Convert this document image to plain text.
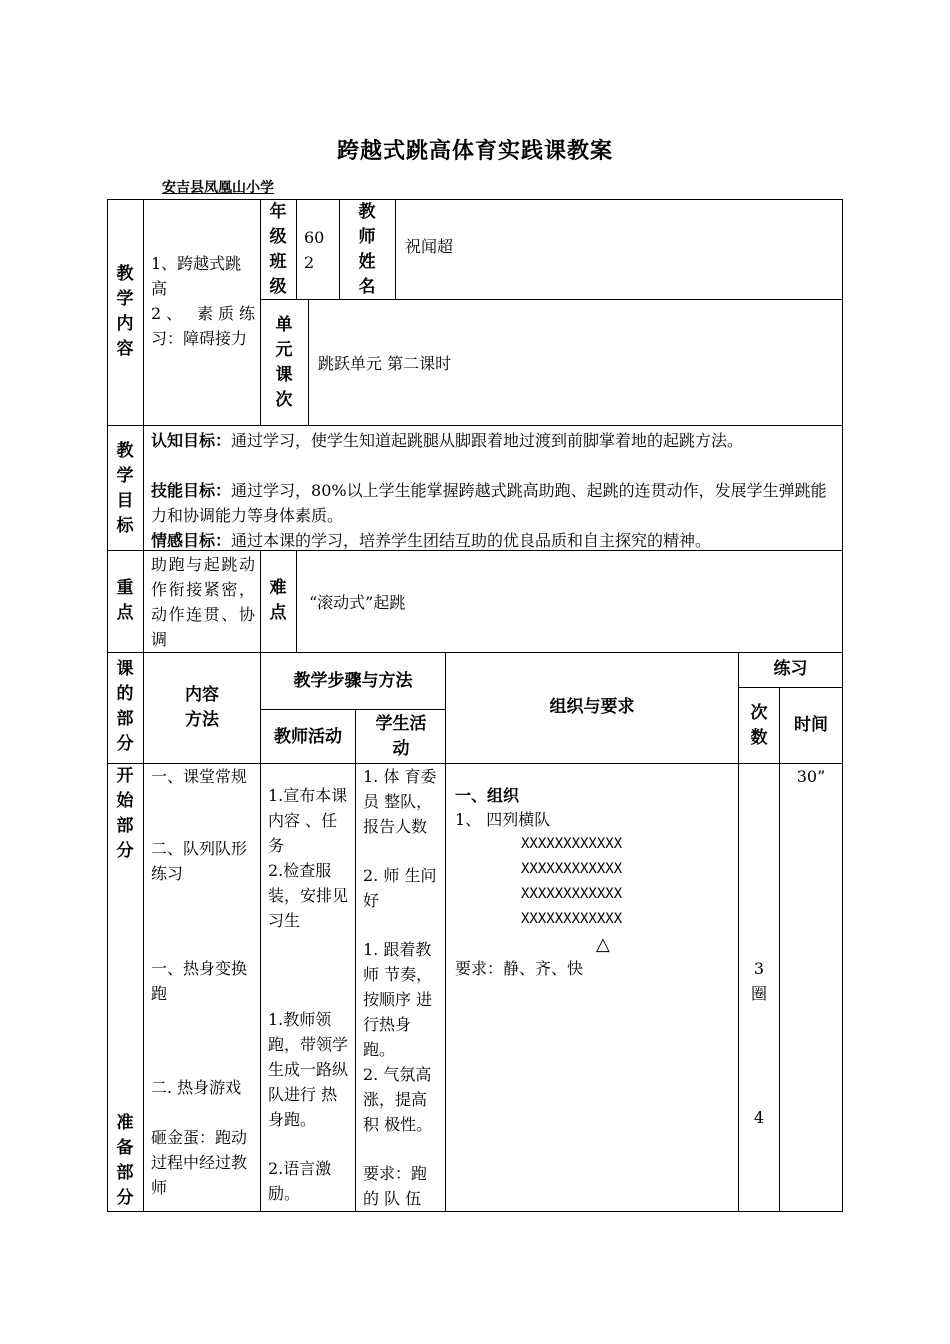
跨越式跳高体育实践课教案
安吉县凤凰山小学
教学内容
1、跨越式跳高
2、 素质练习：障碍接力
年级班级
602
教师姓名
祝闻超
单元课次
跳跃单元 第二课时
教学目标
认知目标：通过学习，使学生知道起跳腿从脚跟着地过渡到前脚掌着地的起跳方法。
技能目标：通过学习，80%以上学生能掌握跨越式跳高助跑、起跳的连贯动作，发展学生弹跳能力和协调能力等身体素质。
情感目标：通过本课的学习，培养学生团结互助的优良品质和自主探究的精神。
重点
助跑与起跳动作衔接紧密，动作连贯、协调
难点
“滚动式”起跳
课的部分
内容方法
教学步骤与方法
教师活动
学生活动
组织与要求
练习
次数
时间
开始部分
准备部分
一、课堂常规
二、队列队形练习
一、热身变换跑
二. 热身游戏
砸金蛋：跑动过程中经过教师
1.宣布本课内容 、任务
2.检查服装，安排见习生
1.教师领跑，带领学生成一路纵队进行 热 身跑。
2.语言激励。
1. 体 育委 员 整队，报告人数
2. 师 生问好
1. 跟着教 师 节奏，按顺序 进 行热身跑。
2. 气氛高涨，提高 积 极性。
要求：跑的 队 伍
一、组织
1、 四列横队
XXXXXXXXXXXX
XXXXXXXXXXXX
XXXXXXXXXXXX
XXXXXXXXXXXX
△
要求：静、齐、快	3圈
4
30”
